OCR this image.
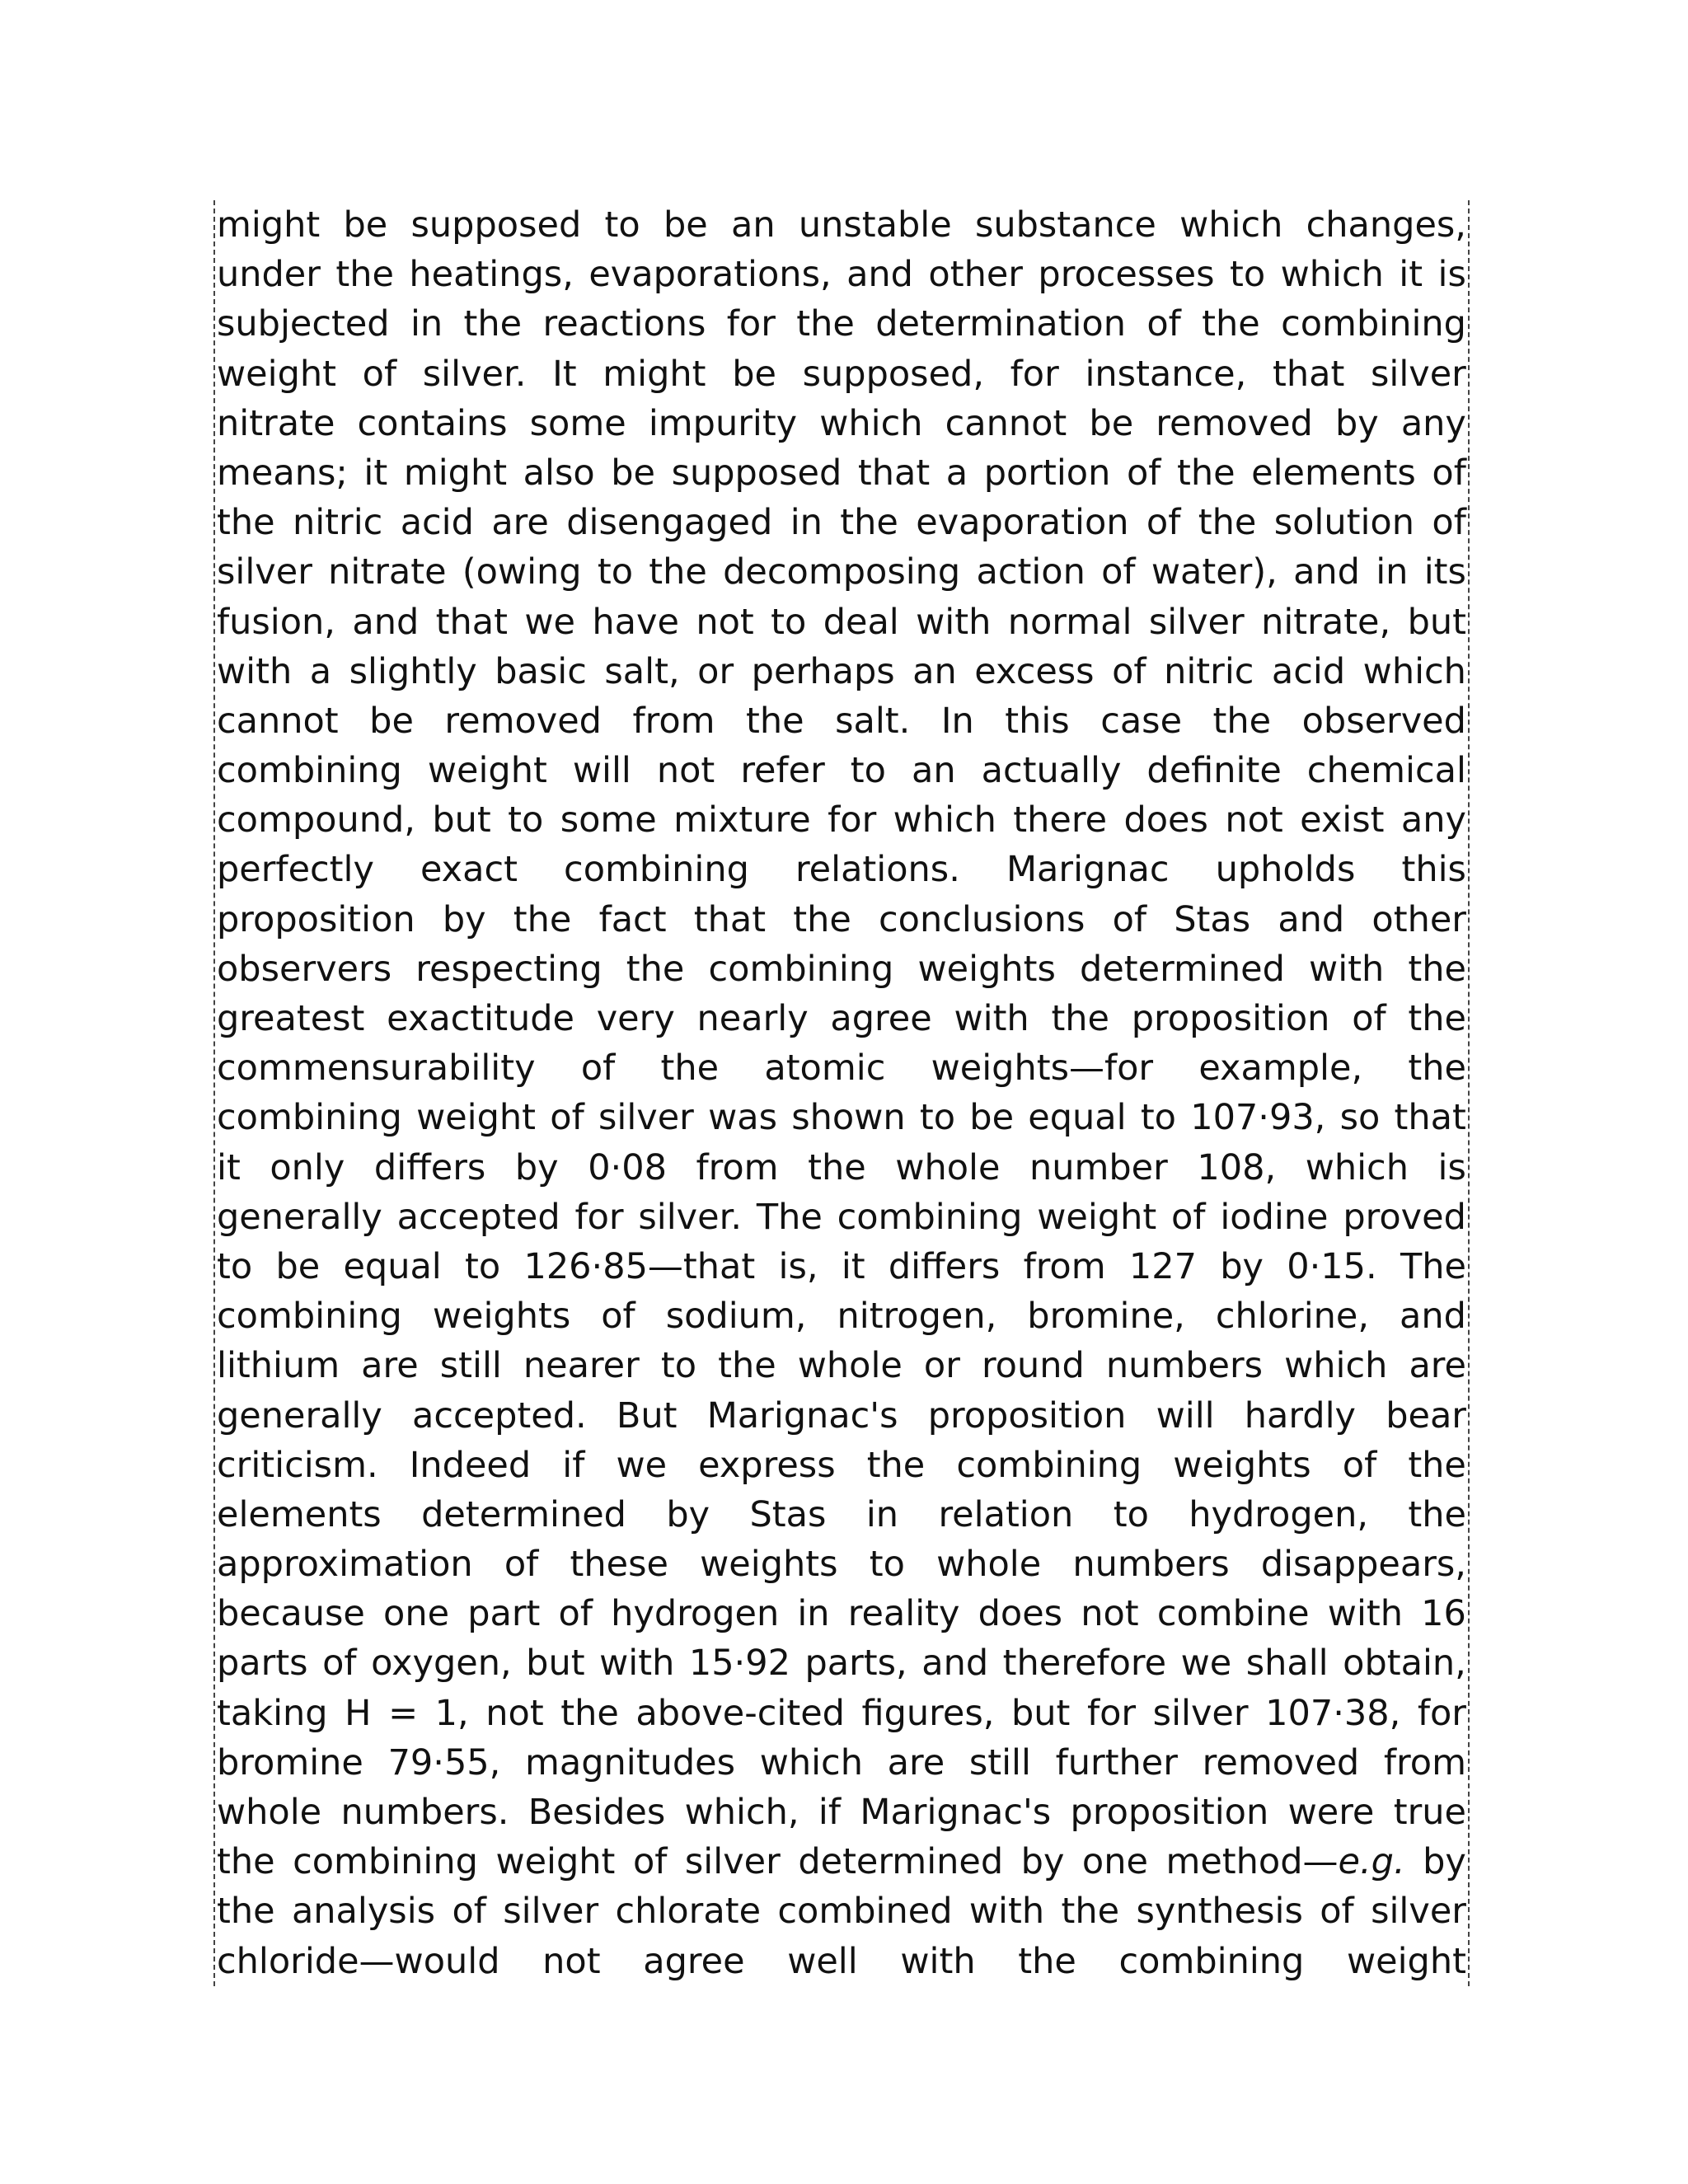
might be supposed to be an unstable substance which changes,
under the heatings, evaporations, and other processes to which it is
subjected in the reactions for the determination of the combining
weight of silver. It might be supposed, for instance, that silver
nitrate contains some impurity which cannot be removed by any
means; it might also be supposed that a portion of the elements of
the nitric acid are disengaged in the evaporation of the solution of
silver nitrate (owing to the decomposing action of water), and in its
fusion, and that we have not to deal with normal silver nitrate, but
with a slightly basic salt, or perhaps an excess of nitric acid which
cannot be removed from the salt. In this case the observed
combining weight will not refer to an actually definite chemical
compound, but to some mixture for which there does not exist any
perfectly exact combining relations. Marignac upholds this
proposition by the fact that the conclusions of Stas and other
observers respecting the combining weights determined with the
greatest exactitude very nearly agree with the proposition of the
commensurability of the atomic weights—for example, the
combining weight of silver was shown to be equal to 107·93, so that
it only differs by 0·08 from the whole number 108, which is
generally accepted for silver. The combining weight of iodine proved
to be equal to 126·85—that is, it differs from 127 by 0·15. The
combining weights of sodium, nitrogen, bromine, chlorine, and
lithium are still nearer to the whole or round numbers which are
generally accepted. But Marignac's proposition will hardly bear
criticism. Indeed if we express the combining weights of the
elements determined by Stas in relation to hydrogen, the
approximation of these weights to whole numbers disappears,
because one part of hydrogen in reality does not combine with 16
parts of oxygen, but with 15·92 parts, and therefore we shall obtain,
taking H = 1, not the above-cited figures, but for silver 107·38, for
bromine 79·55, magnitudes which are still further removed from
whole numbers. Besides which, if Marignac's proposition were true
the combining weight of silver determined by one method—e.g. by
the analysis of silver chlorate combined with the synthesis of silver
chloride—would not agree well with the combining weight
